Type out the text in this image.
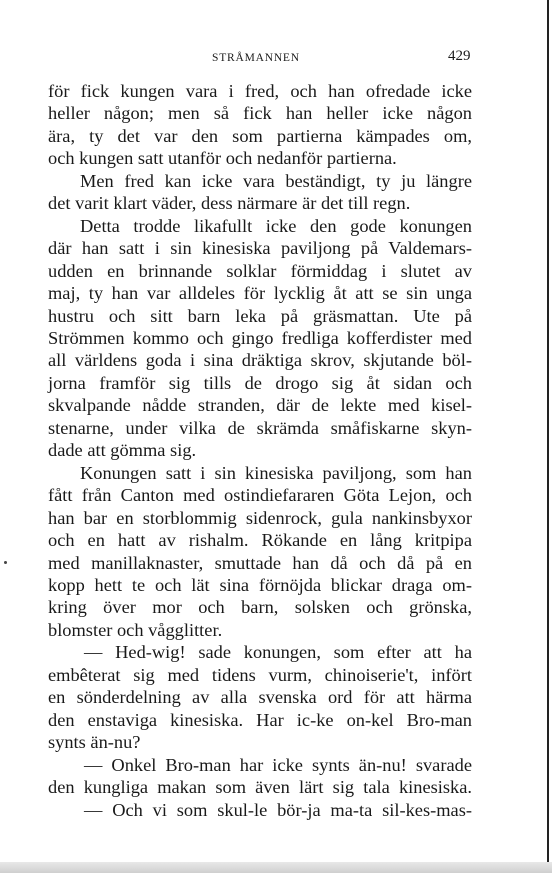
STRÅMANNEN	429
för fick kungen vara i fred, och han ofredade icke
heller någon; men så fick han heller icke någon
ära, ty det var den som partierna kämpades om,
och kungen satt utanför och nedanför partierna.
Men fred kan icke vara beständigt, ty ju längre
det varit klart väder, dess närmare är det till regn.
Detta trodde likafullt icke den gode konungen
där han satt i sin kinesiska paviljong på Valdemars-
udden en brinnande solklar förmiddag i slutet av
maj, ty han var alldeles för lycklig åt att se sin unga
hustru och sitt barn leka på gräsmattan. Ute på
Strömmen kommo och gingo fredliga kofferdister med
all världens goda i sina dräktiga skrov, skjutande böl-
jorna framför sig tills de drogo sig åt sidan och
skvalpande nådde stranden, där de lekte med kisel-
stenarne, under vilka de skrämda småfiskarne skyn-
dade att gömma sig.
Konungen satt i sin kinesiska paviljong, som han
fått från Canton med ostindiefararen Göta Lejon, och
han bar en storblommig sidenrock, gula nankinsbyxor
och en hatt av rishalm. Rökande en lång kritpipa
med manillaknaster, smuttade han då och då på en
kopp hett te och lät sina förnöjda blickar draga om-
kring över mor och barn, solsken och grönska,
blomster och vågglitter.
— Hed-wig! sade konungen, som efter att ha
embêterat sig med tidens vurm, chinoiserie't, infört
en sönderdelning av alla svenska ord för att härma
den enstaviga kinesiska. Har ic-ke on-kel Bro-man
synts än-nu?
— Onkel Bro-man har icke synts än-nu! svarade
den kungliga makan som även lärt sig tala kinesiska.
— Och vi som skul-le bör-ja ma-ta sil-kes-mas-
